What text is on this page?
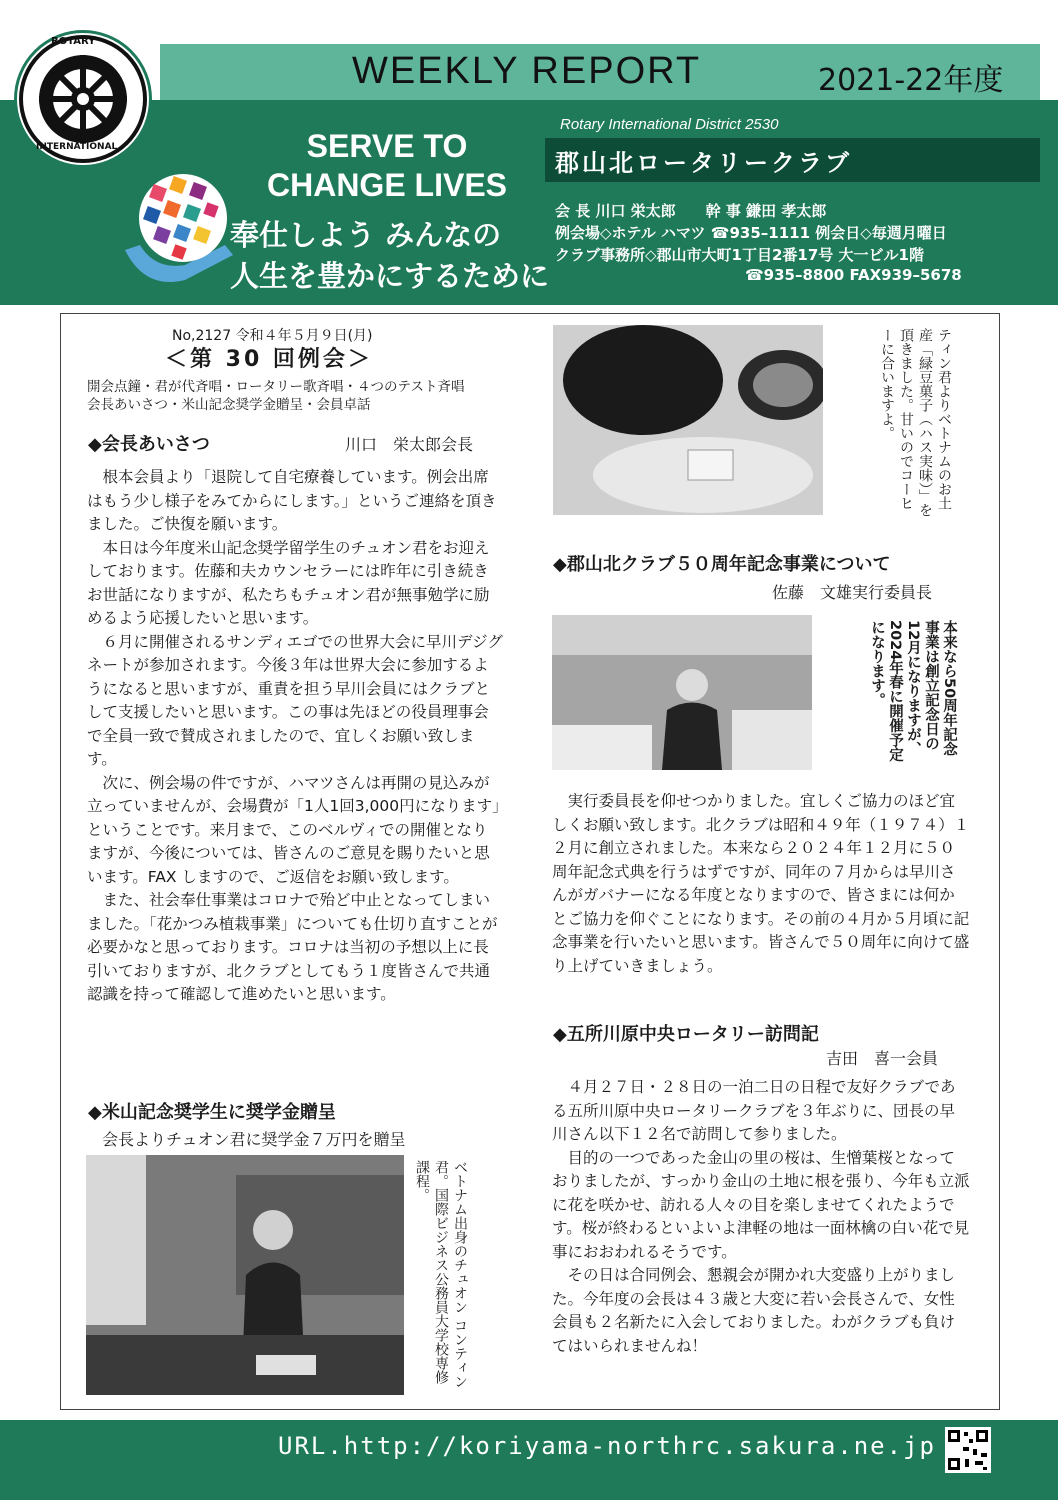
ROTARY
INTERNATIONAL
WEEKLY REPORT	2021-22年度
SERVE TO
CHANGE LIVES
奉仕しよう みんなの
人生を豊かにするために
Rotary International District 2530
郡山北ロータリークラブ
会 長 川口 栄太郎　　幹 事 鎌田 孝太郎
例会場◇ホテル ハマツ ☎935–1111 例会日◇毎週月曜日
クラブ事務所◇郡山市大町1丁目2番17号 大一ビル1階
☎935–8800 FAX939–5678
No,2127 令和４年５月９日(月)
＜第 30 回例会＞
開会点鐘・君が代斉唱・ロータリー歌斉唱・４つのテスト斉唱
会長あいさつ・米山記念奨学金贈呈・会員卓話
◆会長あいさつ	川口　栄太郎会長

根本会員より「退院して自宅療養しています。例会出席はもう少し様子をみてからにします。」というご連絡を頂きました。ご快復を願います。

本日は今年度米山記念奨学留学生のチュオン君をお迎えしております。佐藤和夫カウンセラーには昨年に引き続きお世話になりますが、私たちもチュオン君が無事勉学に励めるよう応援したいと思います。

６月に開催されるサンディエゴでの世界大会に早川デジグネートが参加されます。今後３年は世界大会に参加するようになると思いますが、重責を担う早川会員にはクラブとして支援したいと思います。この事は先ほどの役員理事会で全員一致で賛成されましたので、宜しくお願い致します。

次に、例会場の件ですが、ハマツさんは再開の見込みが立っていませんが、会場費が「1人1回3,000円になります」ということです。来月まで、このベルヴィでの開催となりますが、今後については、皆さんのご意見を賜りたいと思います。FAX しますので、ご返信をお願い致します。

また、社会奉仕事業はコロナで殆ど中止となってしまいました。「花かつみ植栽事業」についても仕切り直すことが必要かなと思っております。コロナは当初の予想以上に長引いておりますが、北クラブとしてもう１度皆さんで共通認識を持って確認して進めたいと思います。

◆米山記念奨学生に奨学金贈呈
会長よりチュオン君に奨学金７万円を贈呈
ベトナム出身のチュオン コンティン君。国際ビジネス公務員大学校専修課程。
ティン君よりベトナムのお土産「緑豆菓子（ハス実味）」を頂きました。甘いのでコーヒーに合いますよ。
◆郡山北クラブ５０周年記念事業について
佐藤　文雄実行委員長
本来なら50周年記念事業は創立記念日の12月になりますが、2024年春に開催予定になります。

実行委員長を仰せつかりました。宜しくご協力のほど宜しくお願い致します。北クラブは昭和４９年（１９７４）１２月に創立されました。本来なら２０２４年１２月に５０周年記念式典を行うはずですが、同年の７月からは早川さんがガバナーになる年度となりますので、皆さまには何かとご協力を仰ぐことになります。その前の４月か５月頃に記念事業を行いたいと思います。皆さんで５０周年に向けて盛り上げていきましょう。

◆五所川原中央ロータリー訪問記
吉田　喜一会員

４月２７日・２８日の一泊二日の日程で友好クラブである五所川原中央ロータリークラブを３年ぶりに、団長の早川さん以下１２名で訪問して参りました。

目的の一つであった金山の里の桜は、生憎葉桜となっておりましたが、すっかり金山の土地に根を張り、今年も立派に花を咲かせ、訪れる人々の目を楽しませてくれたようです。桜が終わるといよいよ津軽の地は一面林檎の白い花で見事におおわれるそうです。

その日は合同例会、懇親会が開かれ大変盛り上がりました。今年度の会長は４３歳と大変に若い会長さんで、女性会員も２名新たに入会しておりました。わがクラブも負けてはいられませんね！

URL.http://koriyama-northrc.sakura.ne.jp
